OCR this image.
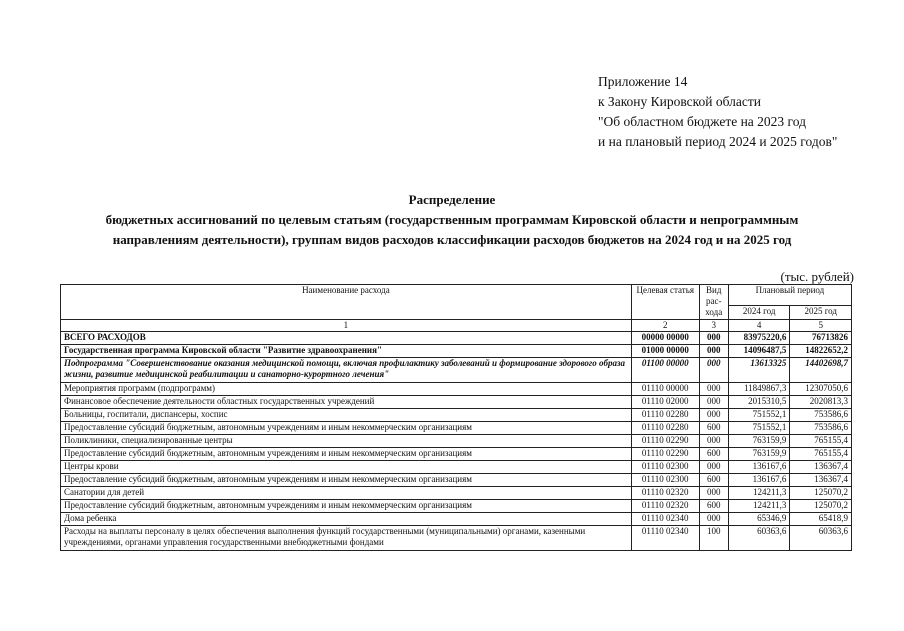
Приложение 14
к Закону Кировской области
"Об областном бюджете на 2023 год
и на плановый период 2024 и 2025 годов"
Распределение
бюджетных ассигнований по целевым статьям (государственным программам Кировской области и непрограммным
направлениям деятельности), группам видов расходов классификации расходов бюджетов на 2024 год и на 2025 год
(тыс. рублей)
Наименование расхода	Целевая статья	Вид рас-хода	Плановый период	
			2024 год	2025 год
1	2	3	4	5
ВСЕГО РАСХОДОВ	00000 00000	000	83975220,6	76713826
Государственная программа Кировской области "Развитие здравоохранения"	01000 00000	000	14096487,5	14822652,2
Подпрограмма "Совершенствование оказания медицинской помощи, включая профилактику заболеваний и формирование здорового образа жизни, развитие медицинской реабилитации и санаторно-курортного лечения"	01100 00000	000	13613325	14402698,7
Мероприятия программ (подпрограмм)	01110 00000	000	11849867,3	12307050,6
Финансовое обеспечение деятельности областных государственных учреждений	01110 02000	000	2015310,5	2020813,3
Больницы, госпитали, диспансеры, хоспис	01110 02280	000	751552,1	753586,6
Предоставление субсидий бюджетным, автономным учреждениям и иным некоммерческим организациям	01110 02280	600	751552,1	753586,6
Поликлиники, специализированные центры	01110 02290	000	763159,9	765155,4
Предоставление субсидий бюджетным, автономным учреждениям и иным некоммерческим организациям	01110 02290	600	763159,9	765155,4
Центры крови	01110 02300	000	136167,6	136367,4
Предоставление субсидий бюджетным, автономным учреждениям и иным некоммерческим организациям	01110 02300	600	136167,6	136367,4
Санатории для детей	01110 02320	000	124211,3	125070,2
Предоставление субсидий бюджетным, автономным учреждениям и иным некоммерческим организациям	01110 02320	600	124211,3	125070,2
Дома ребенка	01110 02340	000	65346,9	65418,9
Расходы на выплаты персоналу в целях обеспечения выполнения функций государственными (муниципальными) органами, казенными учреждениями, органами управления государственными внебюджетными фондами	01110 02340	100	60363,6	60363,6
